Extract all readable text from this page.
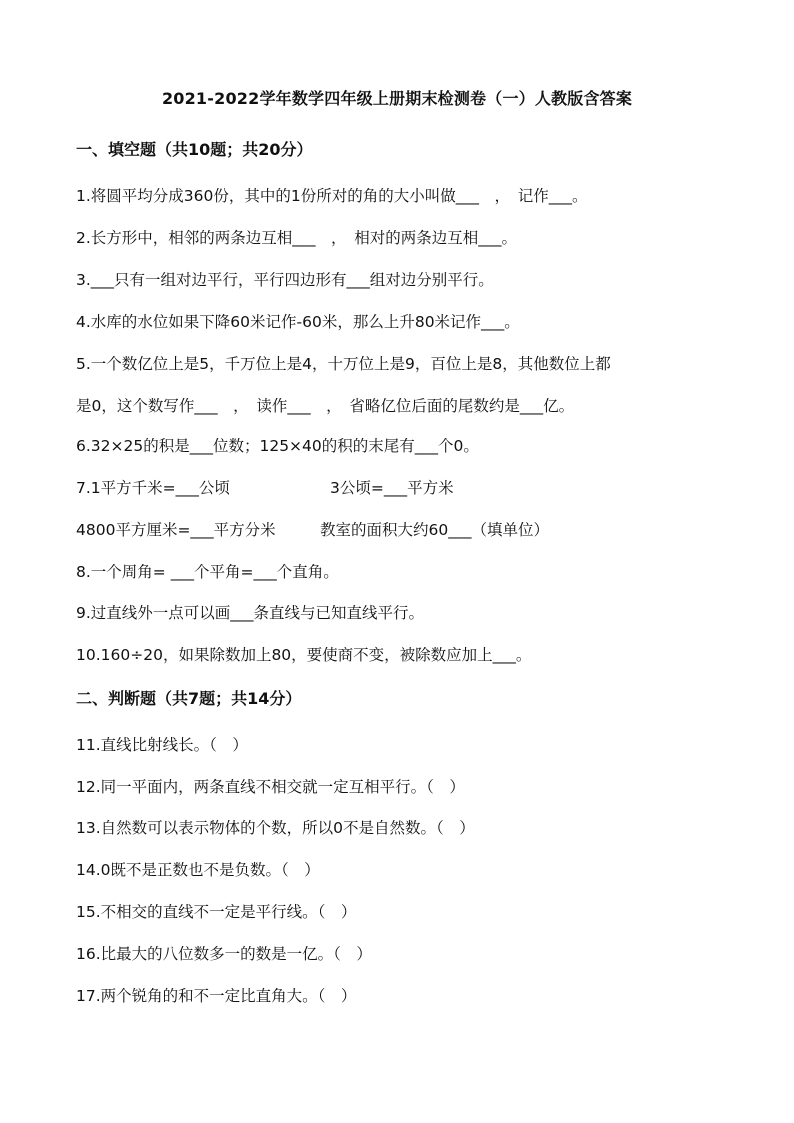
2021-2022学年数学四年级上册期末检测卷（一）人教版含答案
一、填空题（共10题；共20分）
1.将圆平均分成360份，其中的1份所对的角的大小叫做___　，　记作___。
2.长方形中，相邻的两条边互相___　，　相对的两条边互相___。
3.___只有一组对边平行，平行四边形有___组对边分别平行。
4.水库的水位如果下降60米记作-60米，那么上升80米记作___。
5.一个数亿位上是5，千万位上是4，十万位上是9，百位上是8，其他数位上都
是0，这个数写作___　，　读作___　，　省略亿位后面的尾数约是___亿。
6.32×25的积是___位数；125×40的积的末尾有___个0。
7.1平方千米=___公顷	3公顷=___平方米
4800平方厘米=___平方分米	教室的面积大约60___（填单位）
8.一个周角= ___个平角=___个直角。
9.过直线外一点可以画___条直线与已知直线平行。
10.160÷20，如果除数加上80，要使商不变，被除数应加上___。
二、判断题（共7题；共14分）
11.直线比射线长。（　）
12.同一平面内，两条直线不相交就一定互相平行。（　）
13.自然数可以表示物体的个数，所以0不是自然数。（　）
14.0既不是正数也不是负数。（　）
15.不相交的直线不一定是平行线。（　）
16.比最大的八位数多一的数是一亿。（　）
17.两个锐角的和不一定比直角大。（　）
